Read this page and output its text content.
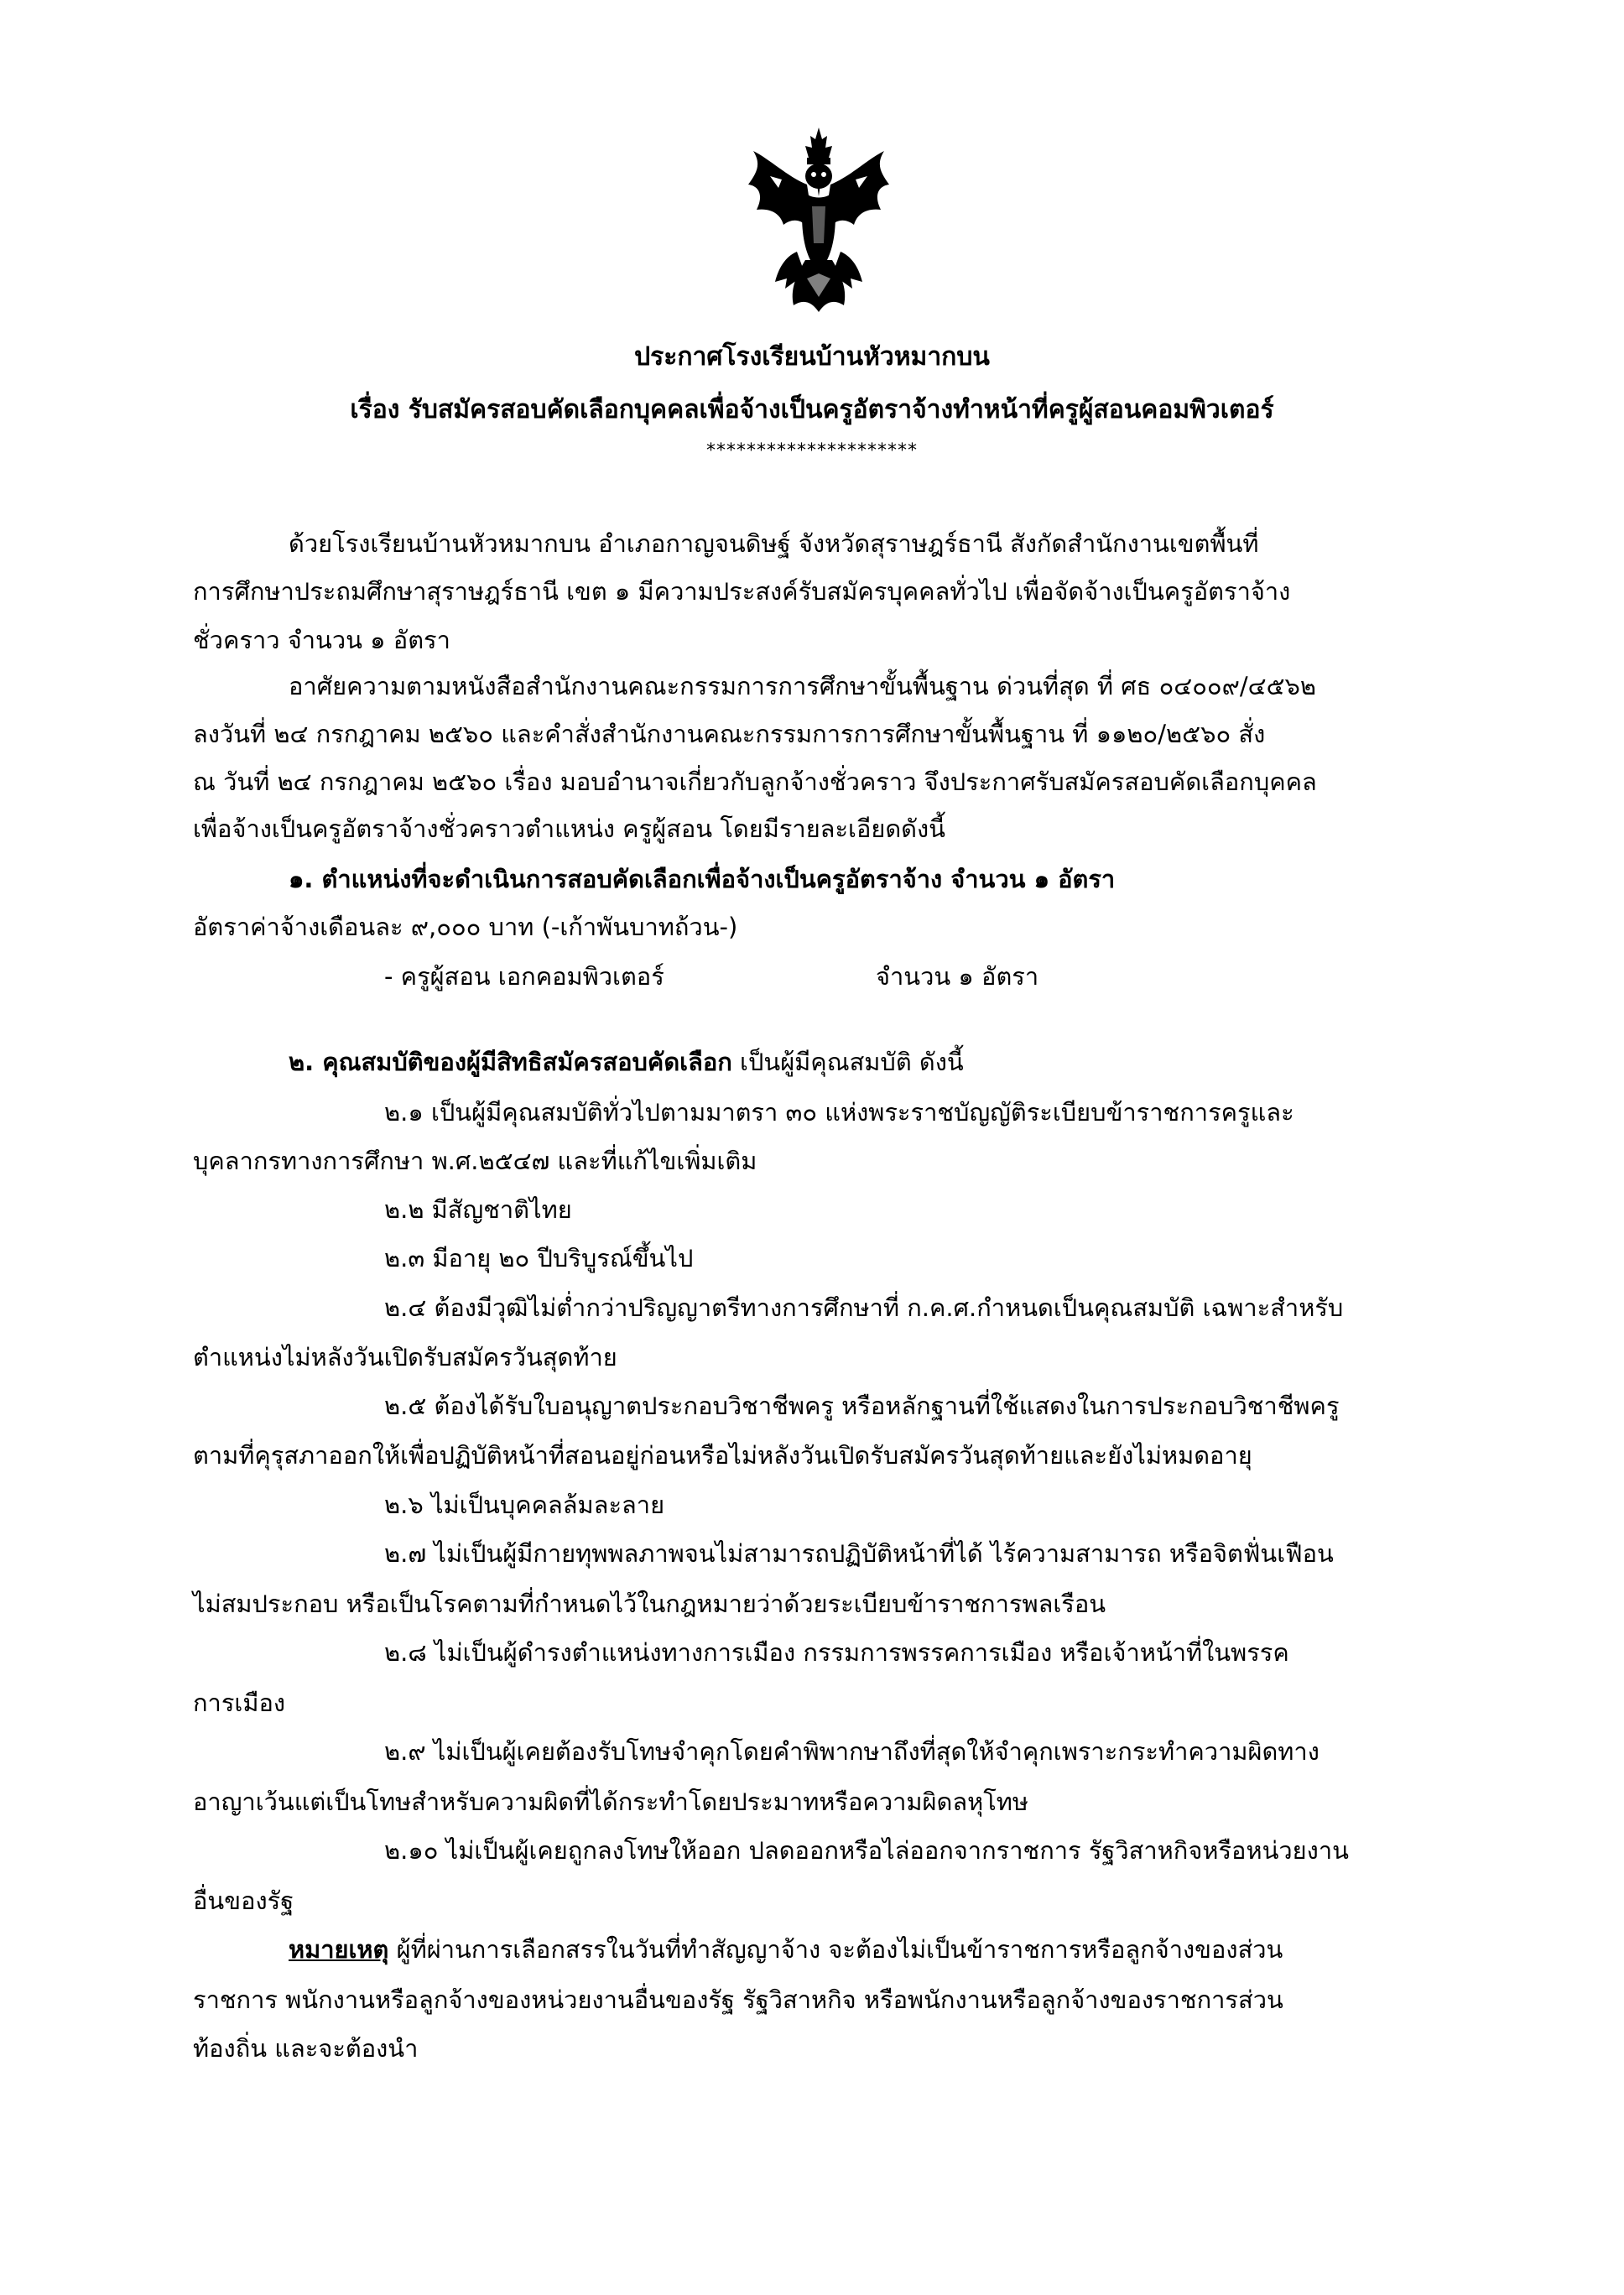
ประกาศโรงเรียนบ้านหัวหมากบน
เรื่อง รับสมัครสอบคัดเลือกบุคคลเพื่อจ้างเป็นครูอัตราจ้างทำหน้าที่ครูผู้สอนคอมพิวเตอร์
*********************
ด้วยโรงเรียนบ้านหัวหมากบน อำเภอกาญจนดิษฐ์ จังหวัดสุราษฎร์ธานี สังกัดสำนักงานเขตพื้นที่
การศึกษาประถมศึกษาสุราษฎร์ธานี เขต ๑ มีความประสงค์รับสมัครบุคคลทั่วไป เพื่อจัดจ้างเป็นครูอัตราจ้าง
ชั่วคราว จำนวน ๑ อัตรา
อาศัยความตามหนังสือสำนักงานคณะกรรมการการศึกษาขั้นพื้นฐาน ด่วนที่สุด ที่ ศธ ๐๔๐๐๙/๔๕๖๒
ลงวันที่ ๒๔ กรกฎาคม ๒๕๖๐ และคำสั่งสำนักงานคณะกรรมการการศึกษาขั้นพื้นฐาน ที่ ๑๑๒๐/๒๕๖๐ สั่ง
ณ วันที่ ๒๔ กรกฎาคม ๒๕๖๐ เรื่อง มอบอำนาจเกี่ยวกับลูกจ้างชั่วคราว จึงประกาศรับสมัครสอบคัดเลือกบุคคล
เพื่อจ้างเป็นครูอัตราจ้างชั่วคราวตำแหน่ง ครูผู้สอน โดยมีรายละเอียดดังนี้
๑. ตำแหน่งที่จะดำเนินการสอบคัดเลือกเพื่อจ้างเป็นครูอัตราจ้าง จำนวน ๑ อัตรา
อัตราค่าจ้างเดือนละ ๙,๐๐๐ บาท (-เก้าพันบาทถ้วน-)
- ครูผู้สอน เอกคอมพิวเตอร์	จำนวน ๑ อัตรา
๒. คุณสมบัติของผู้มีสิทธิสมัครสอบคัดเลือก เป็นผู้มีคุณสมบัติ ดังนี้
๒.๑ เป็นผู้มีคุณสมบัติทั่วไปตามมาตรา ๓๐ แห่งพระราชบัญญัติระเบียบข้าราชการครูและ
บุคลากรทางการศึกษา พ.ศ.๒๕๔๗ และที่แก้ไขเพิ่มเติม
๒.๒ มีสัญชาติไทย
๒.๓ มีอายุ ๒๐ ปีบริบูรณ์ขึ้นไป
๒.๔ ต้องมีวุฒิไม่ต่ำกว่าปริญญาตรีทางการศึกษาที่ ก.ค.ศ.กำหนดเป็นคุณสมบัติ เฉพาะสำหรับ
ตำแหน่งไม่หลังวันเปิดรับสมัครวันสุดท้าย
๒.๕ ต้องได้รับใบอนุญาตประกอบวิชาชีพครู หรือหลักฐานที่ใช้แสดงในการประกอบวิชาชีพครู
ตามที่คุรุสภาออกให้เพื่อปฏิบัติหน้าที่สอนอยู่ก่อนหรือไม่หลังวันเปิดรับสมัครวันสุดท้ายและยังไม่หมดอายุ
๒.๖ ไม่เป็นบุคคลล้มละลาย
๒.๗ ไม่เป็นผู้มีกายทุพพลภาพจนไม่สามารถปฏิบัติหน้าที่ได้ ไร้ความสามารถ หรือจิตฟั่นเฟือน
ไม่สมประกอบ หรือเป็นโรคตามที่กำหนดไว้ในกฎหมายว่าด้วยระเบียบข้าราชการพลเรือน
๒.๘ ไม่เป็นผู้ดำรงตำแหน่งทางการเมือง กรรมการพรรคการเมือง หรือเจ้าหน้าที่ในพรรค
การเมือง
๒.๙ ไม่เป็นผู้เคยต้องรับโทษจำคุกโดยคำพิพากษาถึงที่สุดให้จำคุกเพราะกระทำความผิดทาง
อาญาเว้นแต่เป็นโทษสำหรับความผิดที่ได้กระทำโดยประมาทหรือความผิดลหุโทษ
๒.๑๐ ไม่เป็นผู้เคยถูกลงโทษให้ออก ปลดออกหรือไล่ออกจากราชการ รัฐวิสาหกิจหรือหน่วยงาน
อื่นของรัฐ
หมายเหตุ ผู้ที่ผ่านการเลือกสรรในวันที่ทำสัญญาจ้าง จะต้องไม่เป็นข้าราชการหรือลูกจ้างของส่วน
ราชการ พนักงานหรือลูกจ้างของหน่วยงานอื่นของรัฐ รัฐวิสาหกิจ หรือพนักงานหรือลูกจ้างของราชการส่วน
ท้องถิ่น และจะต้องนำ
